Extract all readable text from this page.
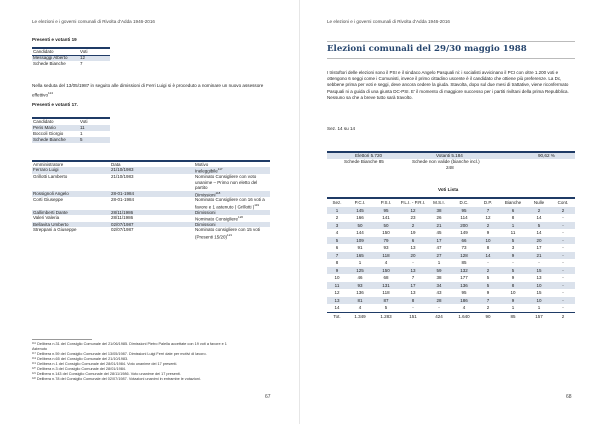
Le elezioni e i governi comunali di Rivolta d'Adda 1946-2016
Presenti e votanti 19
Candidato	Voti
Messaggi Alberto	12
Schede Bianche	7
Nella seduta del 13/05/1987 in seguito alle dimissioni di Ferri Luigi si è proceduto a nominare un nuovo assessore effettivo$^{124}$
Presenti e votanti 17.
Candidato	Voti
Peris Mario	11
Boccoli Giorgio	1
Schede Bianche	5
Amministratore	Data	Motivo
Ferraro Luigi	21/10/1983	Ineleggibile$^{117}$
Grillotti Lamberto	21/10/1983	Nominato Consigliere con voto unanime – Primo non eletto del partito
Rossignoli Angelo	28-01-1984	Dimissioni$^{118}$
Corti Giuseppe	28-01-1984	Nominato Consigliere con 16 voti a favore e 1 astenuto ( Grillotti )$^{119}$
Gallimberti Dante	28/11/1986	Dimissioni
Valeri Valeria	28/11/1986	Nominato Consigliere$^{120}$
Bellavita Umberto	02/07/1987	Dimissioni
Streppani a Giuseppe	02/07/1987	Nominato consigliere con 15 voti (Presenti 15/20)$^{121}$
¹¹⁶ Delibera n.31 del Consiglio Comunale del 21/06/1985. Dimissioni Pietro Palella accettate con 19 voti a favore e 1
Astenuto
¹¹⁷ Delibera n.59 del Consiglio Comunale del 13/05/1987. Dimissioni Luigi Ferri date per motivi di lavoro.
¹¹⁸ Delibera n.65 del Consiglio Comunale del 21/10/1983.
¹¹⁹ Delibera n.1 del Consiglio Comunale del 28/01/1984. Voto unanime dei 17 presenti.
¹²⁰ Delibera n.3 del Consiglio Comunale del 28/01/1984.
¹²¹ Delibera n.143 del Consiglio Comunale del 28/11/1986. Voto unanime dei 17 presenti.
¹²² Delibera n.78 del Consiglio Comunale del 02/07/1987. Votazioni unanimi in entrambe le votazioni.
67
Le elezioni e i governi comunali di Rivolta d'Adda 1946-2016
Elezioni comunali del 29/30 maggio 1988
I tristoftori delle elezioni sono il PSI e il sindaco Angelo Pasquali ni: i socialisti avvicinano il PCI con oltre 1.200 voti e ottengono 6 seggi come i Comunisti, invece il primo cittadino uscente è il candidato che ottiene più preferenze. La Dc, sebbene prima per voti e seggi, deve ancora cedere la giuda. Stavolta, dopo sul due mesi di trattative, viene riconfermato Pasquali ni a guida di una giunta DC-PSI. E' il momento di maggiore successo per i partiti riviltani della prima Repubblica. Nessuno sa che a breve tutto sarà travolto.
Sez. 14 su 14
Elettori 5.720	Votanti 5.184	90,62 %
Schede Bianche 85	Schede non valide (bianche incl.)
248
Voti Lista
Sez.	P.C.I.	P.S.I.	P.L.I. - P.R.I.	M.S.I.	D.C.	D.P.	Bianche	Nulle	Cont.
1	145	95	12	38	95	7	6	2	2
2	166	141	23	26	114	12	8	14	-
3	50	50	2	21	200	2	1	5	-
4	144	150	19	45	149	9	11	14	-
5	109	79	6	17	66	10	5	20	-
6	91	93	13	47	73	8	3	17	-
7	165	118	20	27	128	14	9	21	-
8	1	4	-	1	85	-	-	-	-
9	125	150	13	59	132	2	5	15	-
10	46	68	7	38	177	5	9	13	-
11	93	131	17	34	136	5	8	10	-
12	136	118	13	43	95	9	10	15	-
13	81	87	8	28	186	7	9	10	-
14	4	5	-	-	4	2	1	1	-
Tot.	1.349	1.283	151	424	1.640	90	85	157	2
68
